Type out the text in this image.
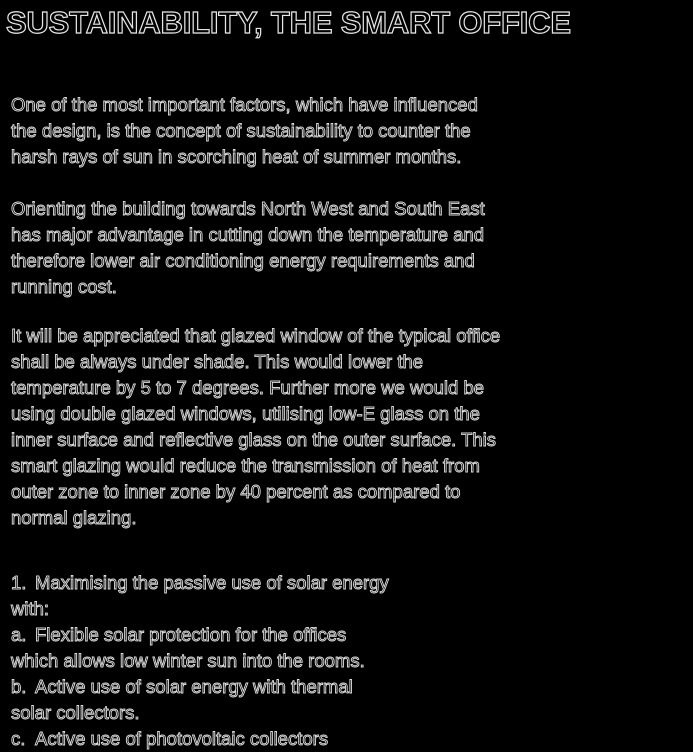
SUSTAINABILITY, THE SMART OFFICE

One of the most important factors, which have influenced
the design, is the concept of sustainability to counter the
harsh rays of sun in scorching heat of summer months.

Orienting the building towards North West and South East
has major advantage in cutting down the temperature and
therefore lower air conditioning energy requirements and
running cost.

It will be appreciated that glazed window of the typical office
shall be always under shade. This would lower the
temperature by 5 to 7 degrees. Further more we would be
using double glazed windows, utilising low-E glass on the
inner surface and reflective glass on the outer surface. This
smart glazing would reduce the transmission of heat from
outer zone to inner zone by 40 percent as compared to
normal glazing.

1. Maximising the passive use of solar energy
with:
a. Flexible solar protection for the offices
which allows low winter sun into the rooms.
b. Active use of solar energy with thermal
solar collectors.
c. Active use of photovoltaic collectors
